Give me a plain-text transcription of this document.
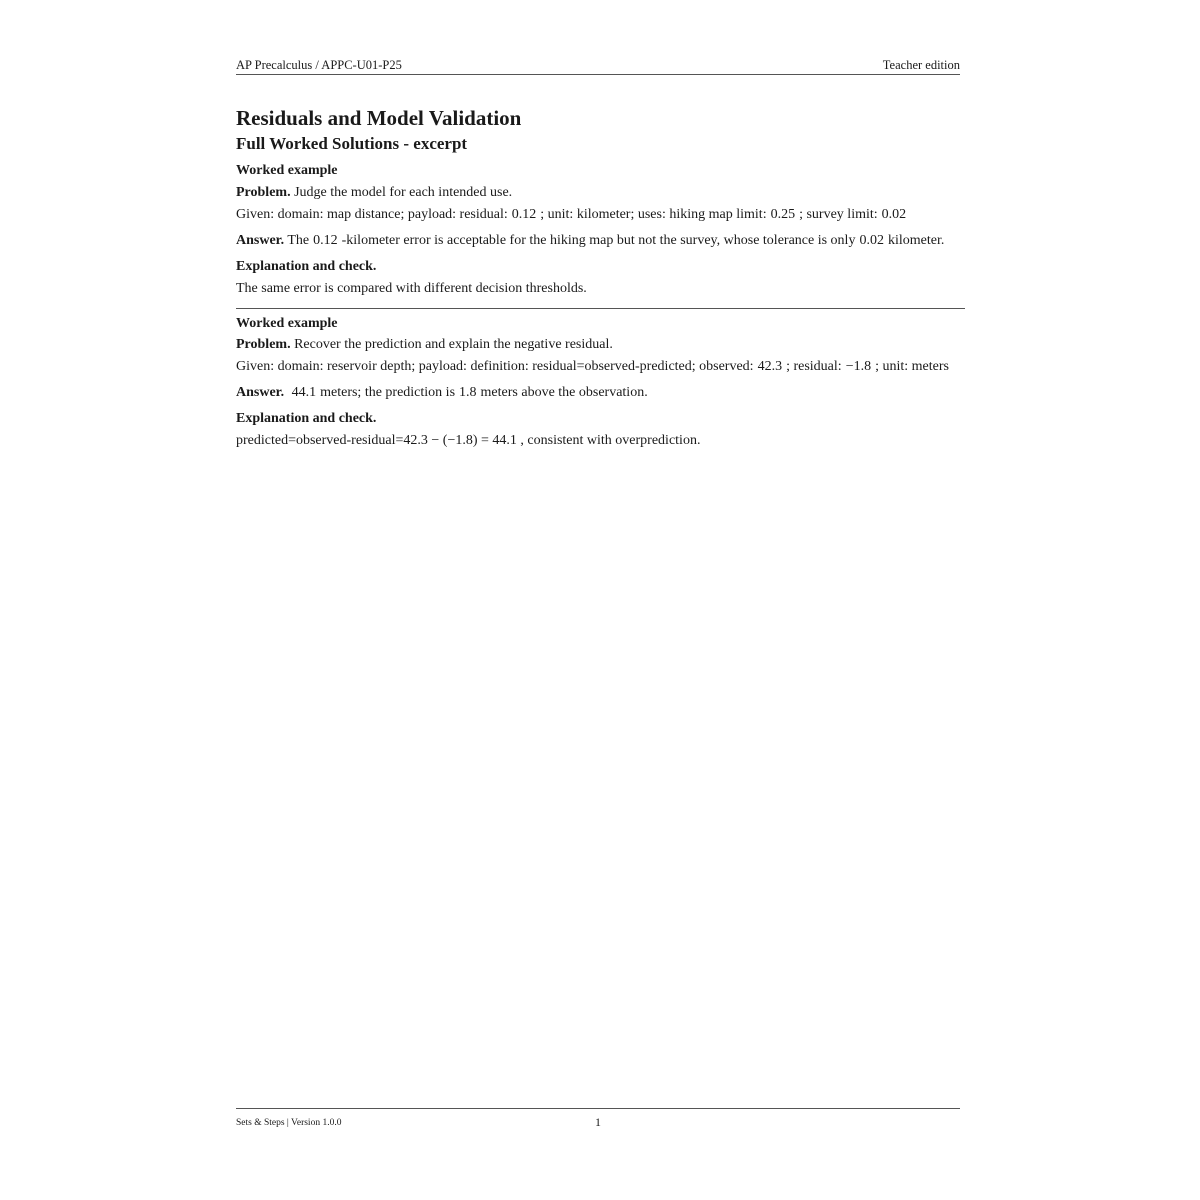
AP Precalculus / APPC-U01-P25	Teacher edition
Residuals and Model Validation
Full Worked Solutions - excerpt
Worked example
Problem. Judge the model for each intended use.
Given: domain: map distance; payload: residual: 0.12 ; unit: kilometer; uses: hiking map limit: 0.25 ; survey limit: 0.02
Answer. The 0.12 -kilometer error is acceptable for the hiking map but not the survey, whose tolerance is only 0.02 kilometer.
Explanation and check.
The same error is compared with different decision thresholds.
Worked example
Problem. Recover the prediction and explain the negative residual.
Given: domain: reservoir depth; payload: definition: residual=observed-predicted; observed: 42.3 ; residual: −1.8 ; unit: meters
Answer. 44.1 meters; the prediction is 1.8 meters above the observation.
Explanation and check.
predicted=observed-residual=42.3 − (−1.8) = 44.1 , consistent with overprediction.
Sets & Steps | Version 1.0.0	1
